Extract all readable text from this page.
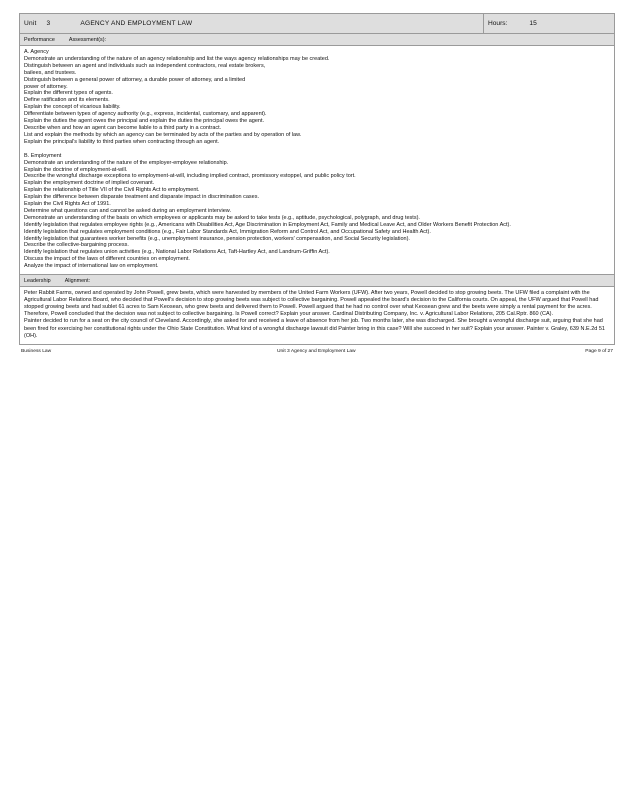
Unit 3	AGENCY AND EMPLOYMENT LAW	Hours:	15
Performance	Assessment(s):

A. Agency

Demonstrate an understanding of the nature of an agency relationship and list the ways agency relationships may be created.

Distinguish between an agent and individuals such as independent contractors, real estate brokers,

bailees, and trustees.

Distinguish between a general power of attorney, a durable power of attorney, and a limited

power of attorney.

Explain the different types of agents.

Define ratification and its elements.

Explain the concept of vicarious liability.

Differentiate between types of agency authority (e.g., express, incidental, customary, and apparent).

Explain the duties the agent owes the principal and explain the duties the principal owes the agent.

Describe when and how an agent can become liable to a third party in a contract.

List and explain the methods by which an agency can be terminated by acts of the parties and by operation of law.

Explain the principal's liability to third parties when contracting through an agent.

B. Employment

Demonstrate an understanding of the nature of the employer-employee relationship.

Explain the doctrine of employment-at-will.

Describe the wrongful discharge exceptions to employment-at-will, including implied contract, promissory estoppel, and public policy tort.

Explain the employment doctrine of implied covenant.

Explain the relationship of Title VII of the Civil Rights Act to employment.

Explain the difference between disparate treatment and disparate impact in discrimination cases.

Explain the Civil Rights Act of 1991.

Determine what questions can and cannot be asked during an employment interview.

Demonstrate an understanding of the basis on which employees or applicants may be asked to take tests (e.g., aptitude, psychological, polygraph, and drug tests).

Identify legislation that regulates employee rights (e.g., Americans with Disabilities Act, Age Discrimination in Employment Act, Family and Medical Leave Act, and Older Workers Benefit Protection Act).

Identify legislation that regulates employment conditions (e.g., Fair Labor Standards Act, Immigration Reform and Control Act, and Occupational Safety and Health Act).

Identify legislation that guarantees worker benefits (e.g., unemployment insurance, pension protection, workers' compensation, and Social Security legislation).

Describe the collective-bargaining process.

Identify legislation that regulates union activities (e.g., National Labor Relations Act, Taft-Hartley Act, and Landrum-Griffin Act).

Discuss the impact of the laws of different countries on employment.

Analyze the impact of international law on employment.

Leadership	Alignment:

Peter Rabbit Farms, owned and operated by John Powell, grew beets, which were harvested by members of the United Farm Workers (UFW). After two years, Powell decided to stop growing beets. The UFW filed a complaint with the Agricultural Labor Relations Board, who decided that Powell's decision to stop growing beets was subject to collective bargaining. Powell appealed the board's decision to the California courts. On appeal, the UFW argued that Powell had stopped growing beets and had sublet 61 acres to Sam Keosean, who grew beets and delivered them to Powell. Powell argued that he had no control over what Keosean grew and the beets were simply a rental payment for the acres. Therefore, Powell concluded that the decision was not subject to collective bargaining. Is Powell correct? Explain your answer. Cardinal Distributing Company, Inc. v. Agricultural Labor Relations, 205 Cal.Rptr. 860 (CA).

Painter decided to run for a seat on the city council of Cleveland. Accordingly, she asked for and received a leave of absence from her job. Two months later, she was discharged. She brought a wrongful discharge suit, arguing that she had been fired for exercising her constitutional rights under the Ohio State Constitution. What kind of a wrongful discharge lawsuit did Painter bring in this case? Will she succeed in her suit? Explain your answer. Painter v. Graley, 639 N.E.2d 51 (OH).

Business Law	Unit 3 Agency and Employment Law	Page 9 of 27
